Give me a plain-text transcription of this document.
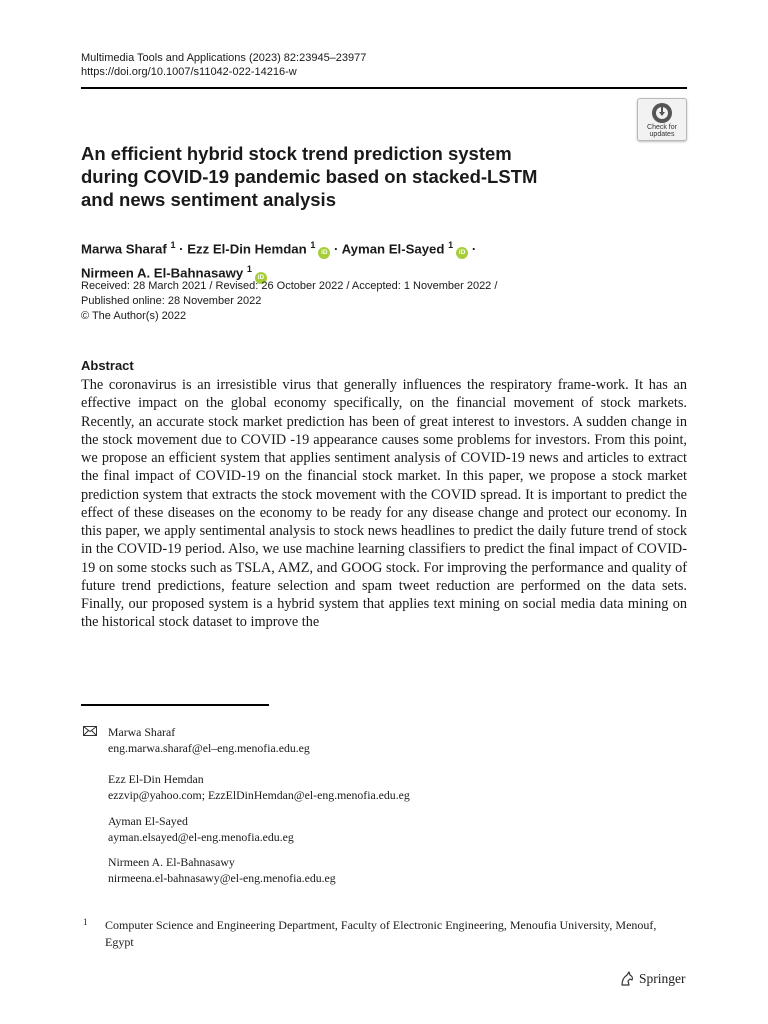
Multimedia Tools and Applications (2023) 82:23945–23977
https://doi.org/10.1007/s11042-022-14216-w
Check for
updates
An efficient hybrid stock trend prediction system
during COVID-19 pandemic based on stacked-LSTM
and news sentiment analysis
Marwa Sharaf $^1$ · Ezz El-Din Hemdan $^1$iD · Ayman El-Sayed $^1$iD ·
Nirmeen A. El-Bahnasawy $^1$iD
Received: 28 March 2021 / Revised: 26 October 2022 / Accepted: 1 November 2022 /
Published online: 28 November 2022
© The Author(s) 2022
Abstract

The coronavirus is an irresistible virus that generally influences the respiratory frame-work. It has an effective impact on the global economy specifically, on the financial movement of stock markets. Recently, an accurate stock market prediction has been of great interest to investors. A sudden change in the stock movement due to COVID -19 appearance causes some problems for investors. From this point, we propose an efficient system that applies sentiment analysis of COVID-19 news and articles to extract the final impact of COVID-19 on the financial stock market. In this paper, we propose a stock market prediction system that extracts the stock movement with the COVID spread. It is important to predict the effect of these diseases on the economy to be ready for any disease change and protect our economy. In this paper, we apply sentimental analysis to stock news headlines to predict the daily future trend of stock in the COVID-19 period. Also, we use machine learning classifiers to predict the final impact of COVID-19 on some stocks such as TSLA, AMZ, and GOOG stock. For improving the performance and quality of future trend predictions, feature selection and spam tweet reduction are performed on the data sets. Finally, our proposed system is a hybrid system that applies text mining on social media data mining on the historical stock dataset to improve the

Marwa Sharaf
eng.marwa.sharaf@el–eng.menofia.edu.eg
Ezz El-Din Hemdan
ezzvip@yahoo.com; EzzElDinHemdan@el-eng.menofia.edu.eg
Ayman El-Sayed
ayman.elsayed@el-eng.menofia.edu.eg
Nirmeen A. El-Bahnasawy
nirmeena.el-bahnasawy@el-eng.menofia.edu.eg
1 Computer Science and Engineering Department, Faculty of Electronic Engineering, Menoufia University, Menouf, Egypt
Springer
